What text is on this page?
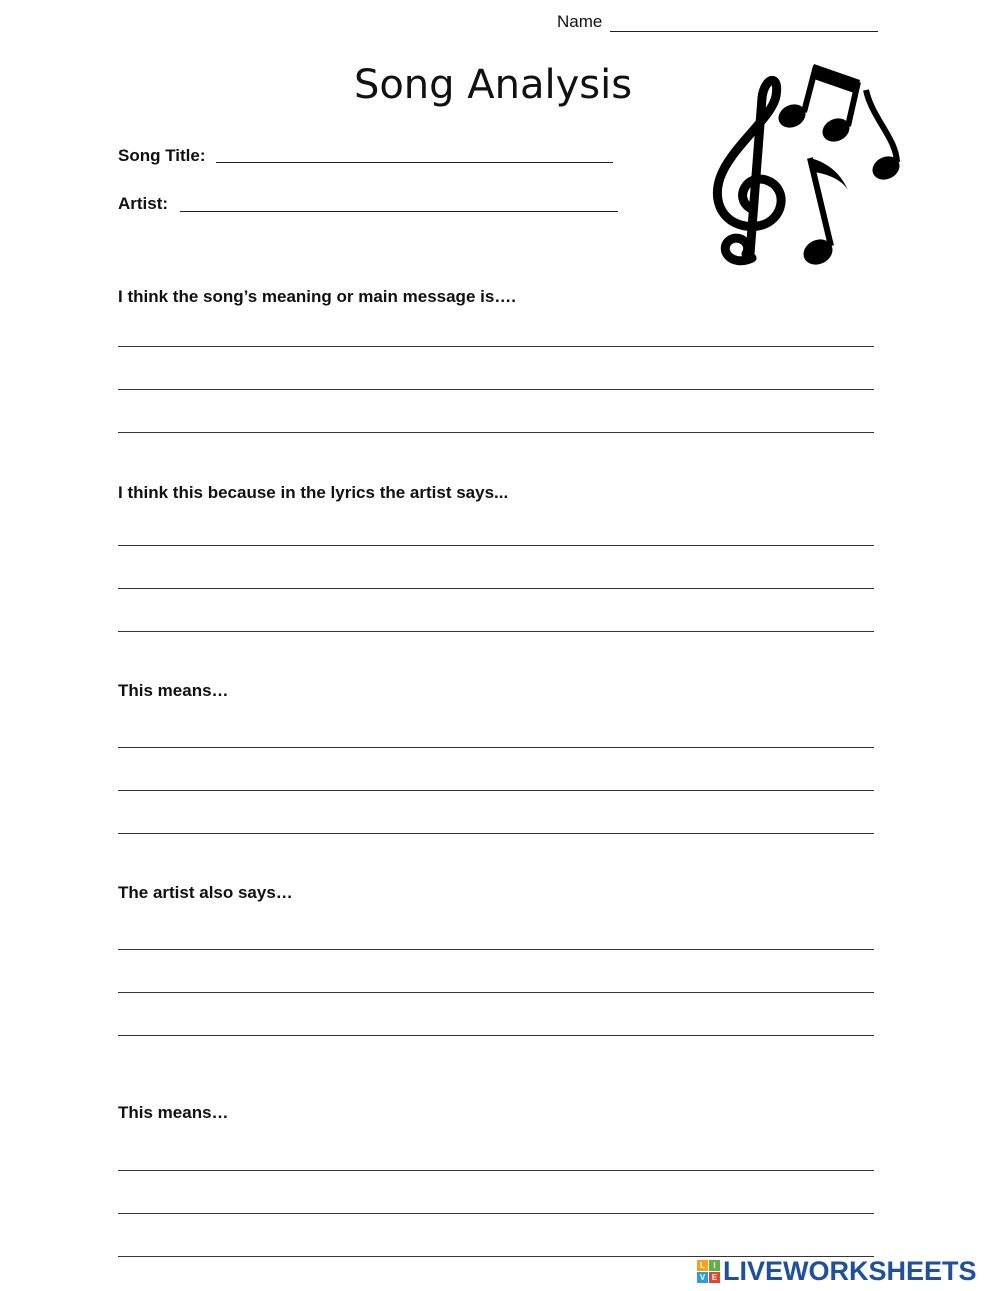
Name
Song Analysis
Song Title:
Artist:
I think the song’s meaning or main message is….
I think this because in the lyrics the artist says...
This means…
The artist also says…
This means…
L	I
V E LIVEWORKSHEETS
